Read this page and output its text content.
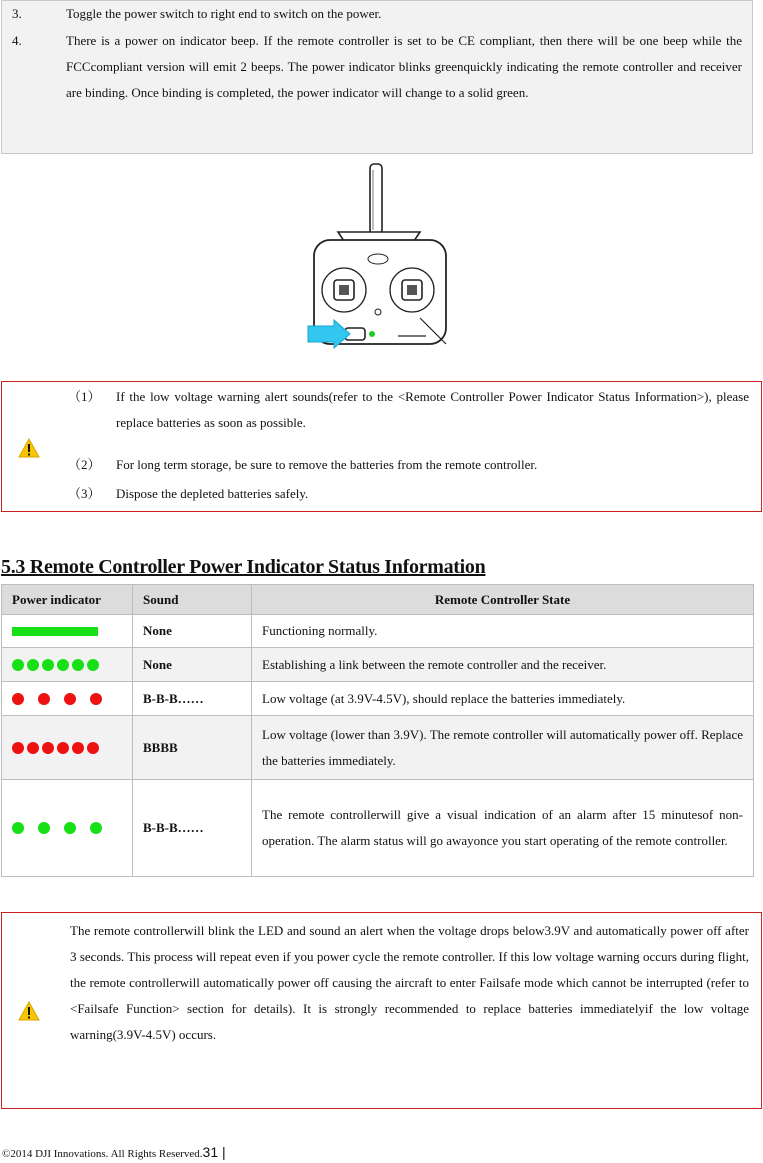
3.	Toggle the power switch to right end to switch on the power.
4.	There is a power on indicator beep. If the remote controller is set to be CE compliant, then there will be one beep while the FCCcompliant version will emit 2 beeps. The power indicator blinks greenquickly indicating the remote controller and receiver are binding. Once binding is completed, the power indicator will change to a solid green.
（1）	If the low voltage warning alert sounds(refer to the <Remote Controller Power Indicator Status Information>), please replace batteries as soon as possible.
（2）	For long term storage, be sure to remove the batteries from the remote controller.
（3）	Dispose the depleted batteries safely.
5.3 Remote Controller Power Indicator Status Information
Power indicator	Sound	Remote Controller State

	None	Functioning normally.

	None	Establishing a link between the remote controller and the receiver.

	B-B-B……	Low voltage (at 3.9V-4.5V), should replace the batteries immediately.

	BBBB	Low voltage (lower than 3.9V). The remote controller will automatically power off. Replace the batteries immediately.

	B-B-B……	The remote controllerwill give a visual indication of an alarm after 15 minutesof non-operation. The alarm status will go awayonce you start operating of the remote controller.
The remote controllerwill blink the LED and sound an alert when the voltage drops below3.9V and automatically power off after 3 seconds. This process will repeat even if you power cycle the remote controller. If this low voltage warning occurs during flight, the remote controllerwill automatically power off causing the aircraft to enter Failsafe mode which cannot be interrupted (refer to <Failsafe Function> section for details). It is strongly recommended to replace batteries immediatelyif the low voltage warning(3.9V-4.5V) occurs.
©2014 DJI Innovations. All Rights Reserved.31 |
